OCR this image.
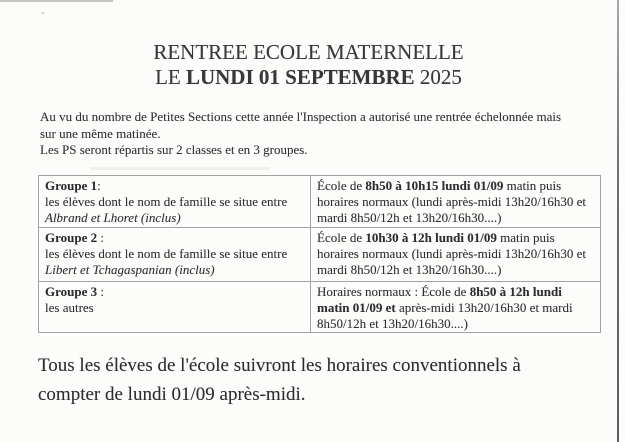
RENTREE ECOLE MATERNELLE
LE LUNDI 01 SEPTEMBRE 2025
Au vu du nombre de Petites Sections cette année l'Inspection a autorisé une rentrée échelonnée mais
sur une même matinée.
Les PS seront répartis sur 2 classes et en 3 groupes.
Groupe 1:
les élèves dont le nom de famille se situe entre
Albrand et Lhoret (inclus)
École de 8h50 à 10h15 lundi 01/09 matin puis horaires normaux (lundi après-midi 13h20/16h30 et mardi 8h50/12h et 13h20/16h30....)
Groupe 2 :
les élèves dont le nom de famille se situe entre
Libert et Tchagaspanian (inclus)
École de 10h30 à 12h lundi 01/09 matin puis horaires normaux (lundi après-midi 13h20/16h30 et mardi 8h50/12h et 13h20/16h30....)
Groupe 3 :
les autres
Horaires normaux : École de 8h50 à 12h lundi matin 01/09 et après-midi 13h20/16h30 et mardi 8h50/12h et 13h20/16h30....)
Tous les élèves de l'école suivront les horaires conventionnels à
compter de lundi 01/09 après-midi.
